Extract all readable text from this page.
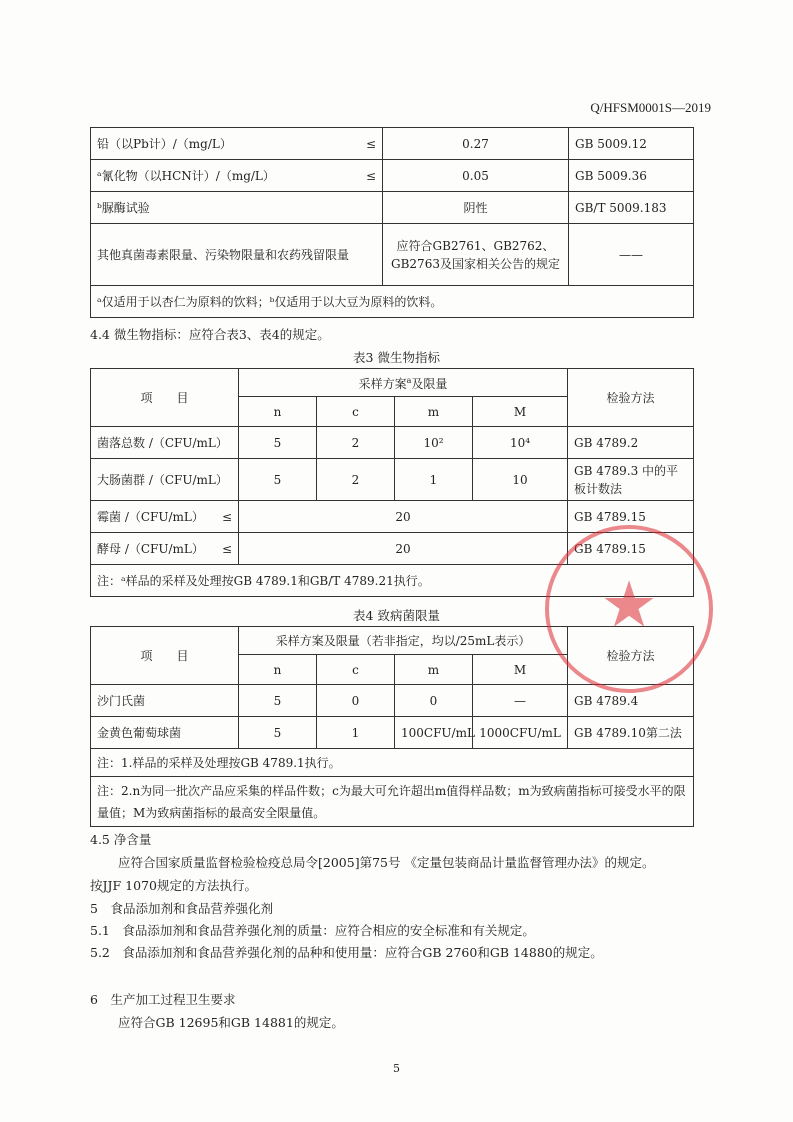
Q/HFSM0001S—2019
铅（以Pb计）/（mg/L） ≤	0.27	GB 5009.12
ᵃ氰化物（以HCN计）/（mg/L） ≤	0.05	GB 5009.36
ᵇ脲酶试验	阴性	GB/T 5009.183
其他真菌毒素限量、污染物限量和农药残留限量	应符合GB2761、GB2762、GB2763及国家相关公告的规定	——
ᵃ仅适用于以杏仁为原料的饮料；ᵇ仅适用于以大豆为原料的饮料。		
4.4 微生物指标：应符合表3、表4的规定。
表3 微生物指标
项　　目	采样方案$^a$及限量				检验方法
	n	c	m	M	
菌落总数 /（CFU/mL）	5	2	10²	10⁴	GB 4789.2
大肠菌群 /（CFU/mL）	5	2	1	10	GB 4789.3 中的平板计数法
霉菌 /（CFU/mL） ≤	20				GB 4789.15
酵母 /（CFU/mL） ≤	20				GB 4789.15
注：ᵃ样品的采样及处理按GB 4789.1和GB/T 4789.21执行。					
表4 致病菌限量
项　　目	采样方案及限量（若非指定，均以/25mL表示）				检验方法
	n	c	m	M	
沙门氏菌	5	0	0	—	GB 4789.4
金黄色葡萄球菌	5	1	100CFU/mL	1000CFU/mL	GB 4789.10第二法
注：1.样品的采样及处理按GB 4789.1执行。					
注：2.n为同一批次产品应采集的样品件数；c为最大可允许超出m值得样品数；m为致病菌指标可接受水平的限量值；M为致病菌指标的最高安全限量值。					
4.5 净含量
应符合国家质量监督检验检疫总局令[2005]第75号 《定量包装商品计量监督管理办法》的规定。
按JJF 1070规定的方法执行。
5　食品添加剂和食品营养强化剂
5.1　食品添加剂和食品营养强化剂的质量：应符合相应的安全标准和有关规定。
5.2　食品添加剂和食品营养强化剂的品种和使用量：应符合GB 2760和GB 14880的规定。
6　生产加工过程卫生要求
应符合GB 12695和GB 14881的规定。
★
5
